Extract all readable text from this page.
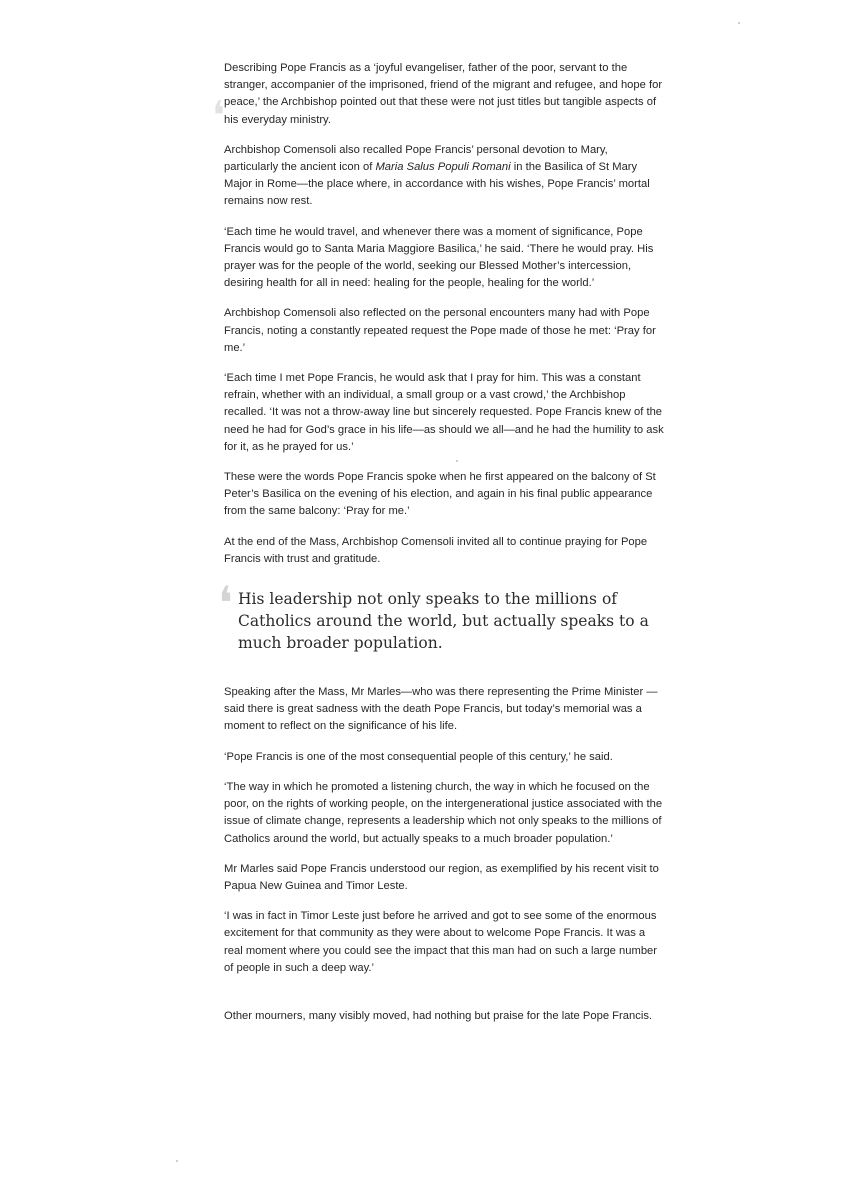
❛

Describing Pope Francis as a ‘joyful evangeliser, father of the poor, servant to the stranger, accompanier of the imprisoned, friend of the migrant and refugee, and hope for peace,’ the Archbishop pointed out that these were not just titles but tangible aspects of his everyday ministry.

Archbishop Comensoli also recalled Pope Francis’ personal devotion to Mary, particularly the ancient icon of Maria Salus Populi Romani in the Basilica of St Mary Major in Rome—the place where, in accordance with his wishes, Pope Francis’ mortal remains now rest.

‘Each time he would travel, and whenever there was a moment of significance, Pope Francis would go to Santa Maria Maggiore Basilica,’ he said. ‘There he would pray. His prayer was for the people of the world, seeking our Blessed Mother’s intercession, desiring health for all in need: healing for the people, healing for the world.’

Archbishop Comensoli also reflected on the personal encounters many had with Pope Francis, noting a constantly repeated request the Pope made of those he met: ‘Pray for me.’

‘Each time I met Pope Francis, he would ask that I pray for him. This was a constant refrain, whether with an individual, a small group or a vast crowd,’ the Archbishop recalled. ‘It was not a throw-away line but sincerely requested. Pope Francis knew of the need he had for God’s grace in his life—as should we all—and he had the humility to ask for it, as he prayed for us.’

These were the words Pope Francis spoke when he first appeared on the balcony of St Peter’s Basilica on the evening of his election, and again in his final public appearance from the same balcony: ‘Pray for me.’

At the end of the Mass, Archbishop Comensoli invited all to continue praying for Pope Francis with trust and gratitude.

❛ His leadership not only speaks to the millions of Catholics around the world, but actually speaks to a much broader population.

Speaking after the Mass, Mr Marles—who was there representing the Prime Minister —said there is great sadness with the death Pope Francis, but today’s memorial was a moment to reflect on the significance of his life.

‘Pope Francis is one of the most consequential people of this century,’ he said.

‘The way in which he promoted a listening church, the way in which he focused on the poor, on the rights of working people, on the intergenerational justice associated with the issue of climate change, represents a leadership which not only speaks to the millions of Catholics around the world, but actually speaks to a much broader population.’

Mr Marles said Pope Francis understood our region, as exemplified by his recent visit to Papua New Guinea and Timor Leste.

‘I was in fact in Timor Leste just before he arrived and got to see some of the enormous excitement for that community as they were about to welcome Pope Francis. It was a real moment where you could see the impact that this man had on such a large number of people in such a deep way.’

Other mourners, many visibly moved, had nothing but praise for the late Pope Francis.
